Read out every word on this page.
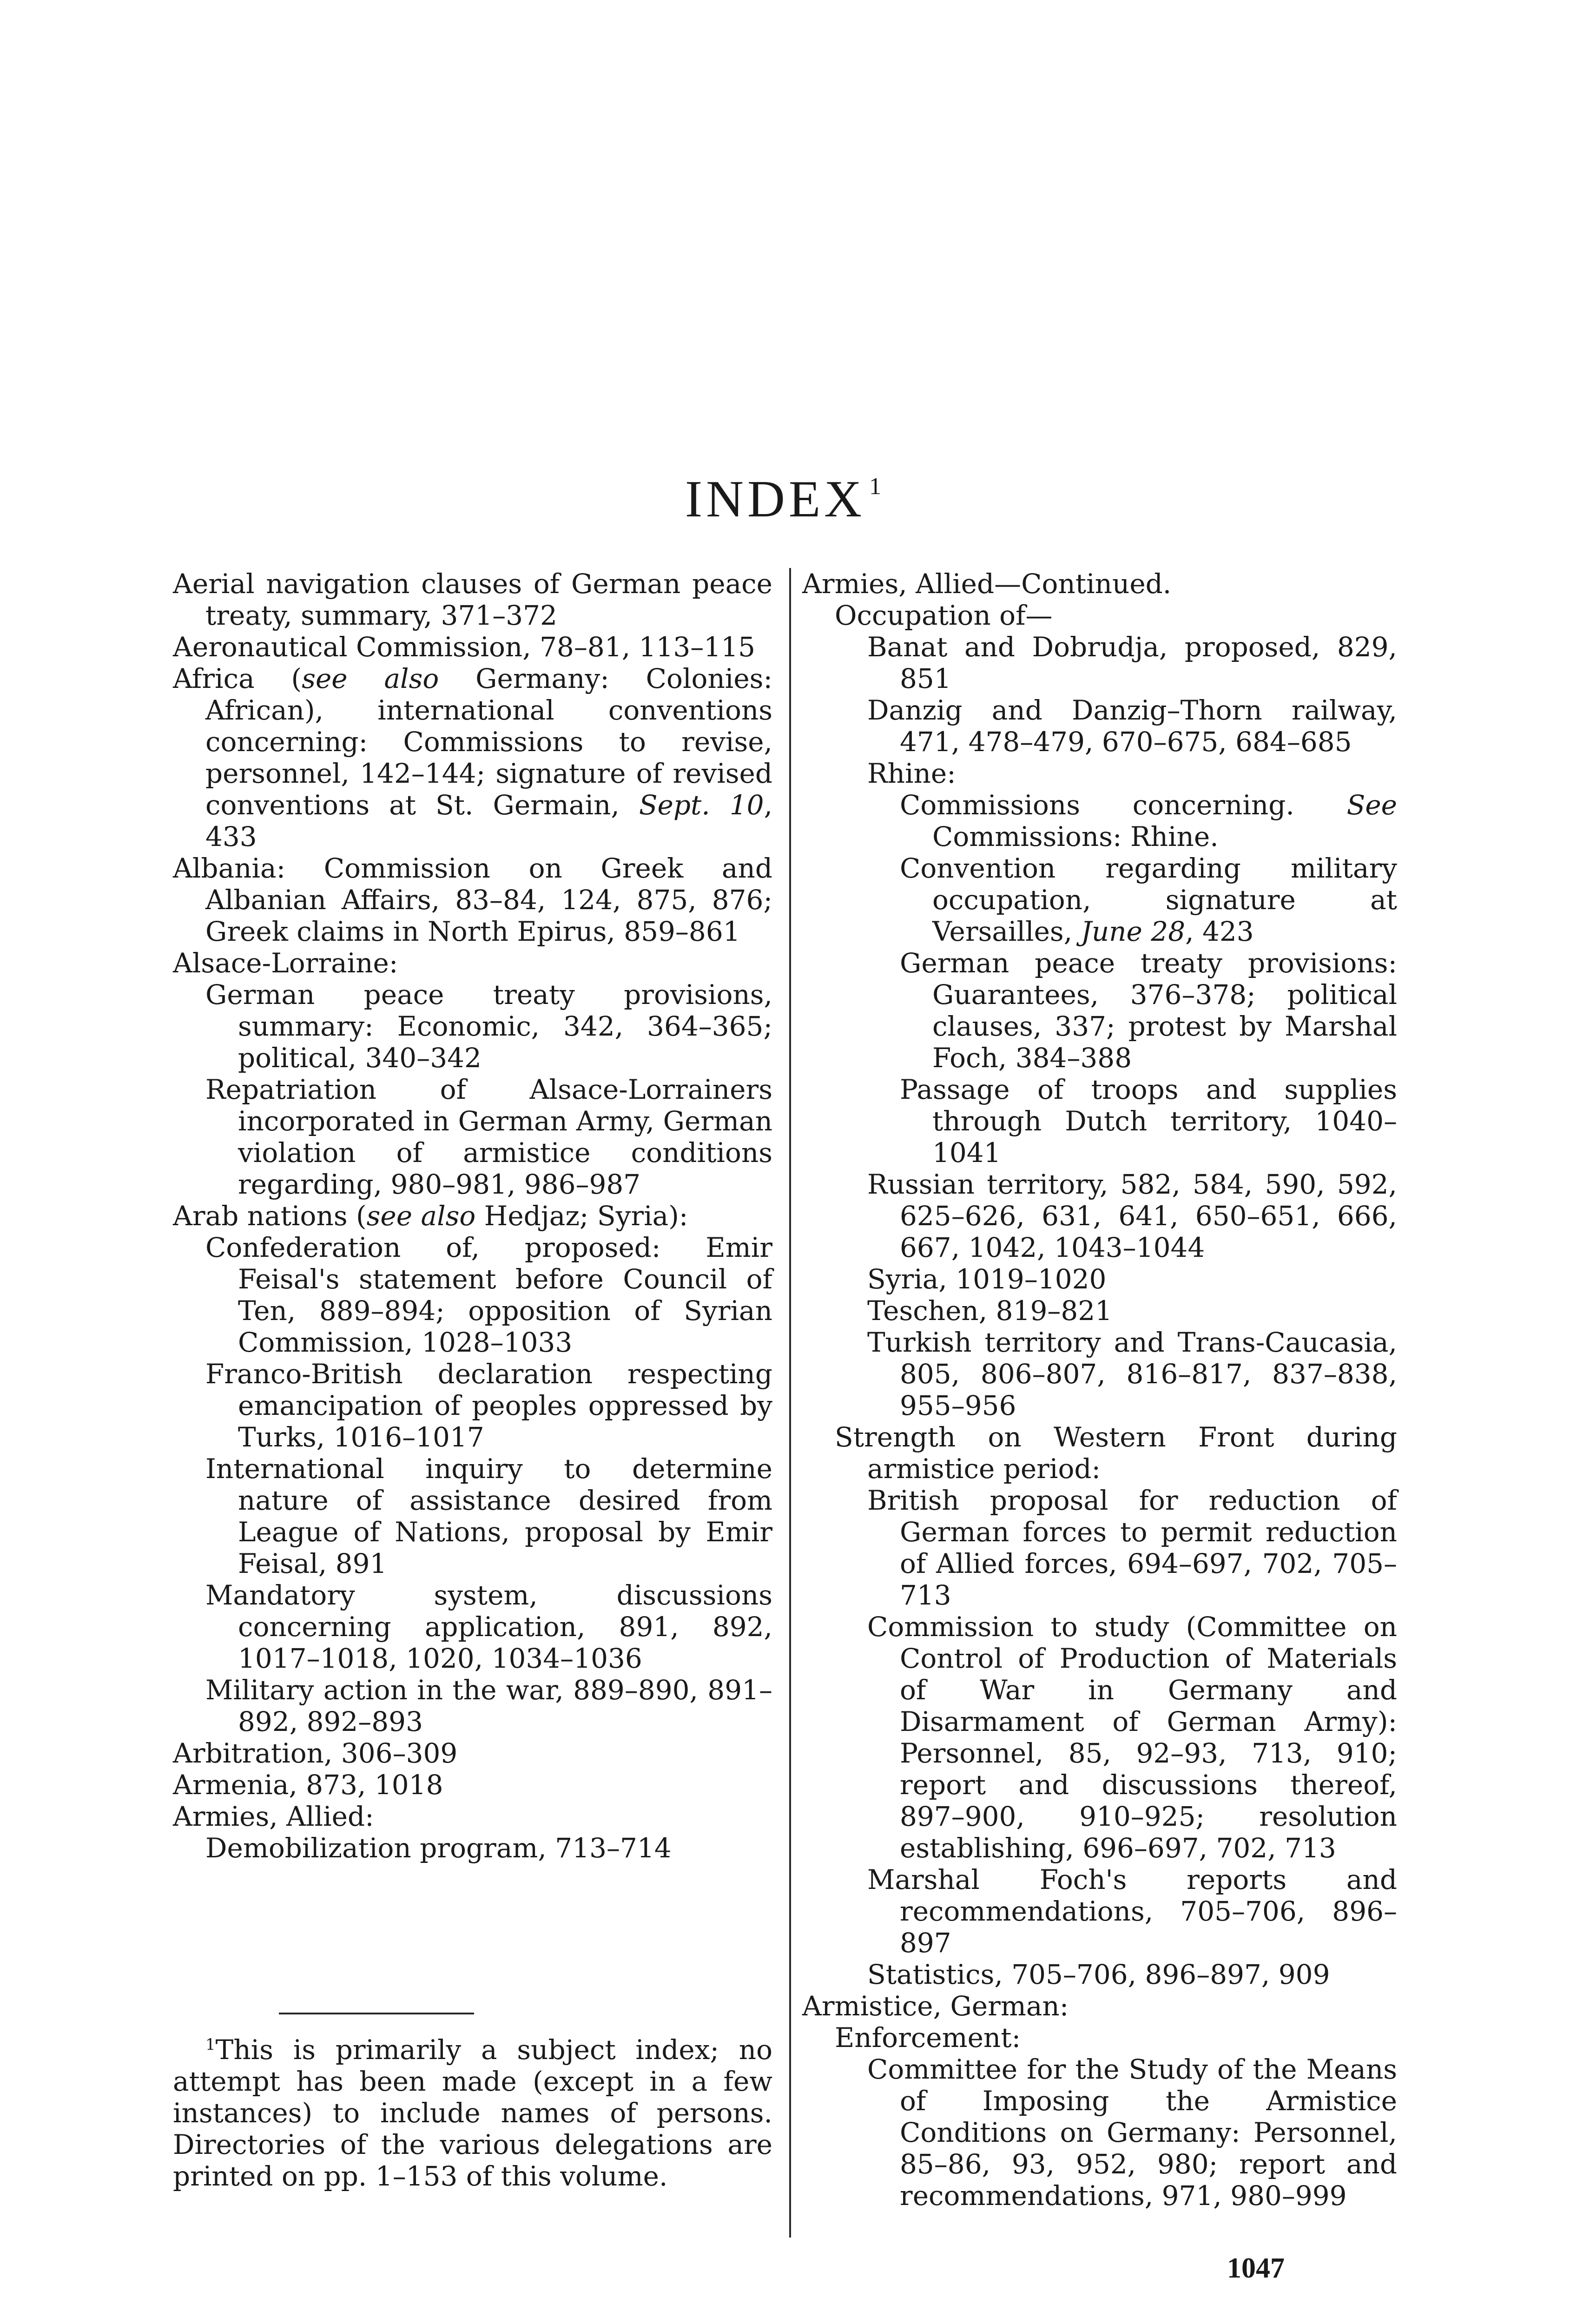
INDEX $^1$

Aerial navigation clauses of German peace treaty, summary, 371–372

Aeronautical Commission, 78–81, 113–115

Africa (see also Germany: Colonies: African), international conventions concerning: Commissions to revise, personnel, 142–144; signature of revised conventions at St. Germain, Sept. 10, 433

Albania: Commission on Greek and Albanian Affairs, 83–84, 124, 875, 876; Greek claims in North Epirus, 859–861

Alsace-Lorraine:

German peace treaty provisions, summary: Economic, 342, 364–365; political, 340–342

Repatriation of Alsace-Lorrainers incorporated in German Army, German violation of armistice conditions regarding, 980–981, 986–987

Arab nations (see also Hedjaz; Syria):

Confederation of, proposed: Emir Feisal's statement before Council of Ten, 889–894; opposition of Syrian Commission, 1028–1033

Franco-British declaration respecting emancipation of peoples oppressed by Turks, 1016–1017

International inquiry to determine nature of assistance desired from League of Nations, proposal by Emir Feisal, 891

Mandatory system, discussions concerning application, 891, 892, 1017–1018, 1020, 1034–1036

Military action in the war, 889–890, 891–892, 892–893

Arbitration, 306–309

Armenia, 873, 1018

Armies, Allied:

Demobilization program, 713–714

Armies, Allied—Continued.

Occupation of—

Banat and Dobrudja, proposed, 829, 851

Danzig and Danzig–Thorn railway, 471, 478–479, 670–675, 684–685

Rhine:

Commissions concerning. See Commissions: Rhine.

Convention regarding military occupation, signature at Versailles, June 28, 423

German peace treaty provisions: Guarantees, 376–378; political clauses, 337; protest by Marshal Foch, 384–388

Passage of troops and supplies through Dutch territory, 1040–1041

Russian territory, 582, 584, 590, 592, 625–626, 631, 641, 650–651, 666, 667, 1042, 1043–1044

Syria, 1019–1020

Teschen, 819–821

Turkish territory and Trans-Caucasia, 805, 806–807, 816–817, 837–838, 955–956

Strength on Western Front during armistice period:

British proposal for reduction of German forces to permit reduction of Allied forces, 694–697, 702, 705–713

Commission to study (Committee on Control of Production of Materials of War in Germany and Disarmament of German Army): Personnel, 85, 92–93, 713, 910; report and discussions thereof, 897–900, 910–925; resolution establishing, 696–697, 702, 713

Marshal Foch's reports and recommendations, 705–706, 896–897

Statistics, 705–706, 896–897, 909

Armistice, German:

Enforcement:

Committee for the Study of the Means of Imposing the Armistice Conditions on Germany: Personnel, 85–86, 93, 952, 980; report and recommendations, 971, 980–999

$^1$This is primarily a subject index; no attempt has been made (except in a few instances) to include names of persons. Directories of the various delegations are printed on pp. 1–153 of this volume.
1047
